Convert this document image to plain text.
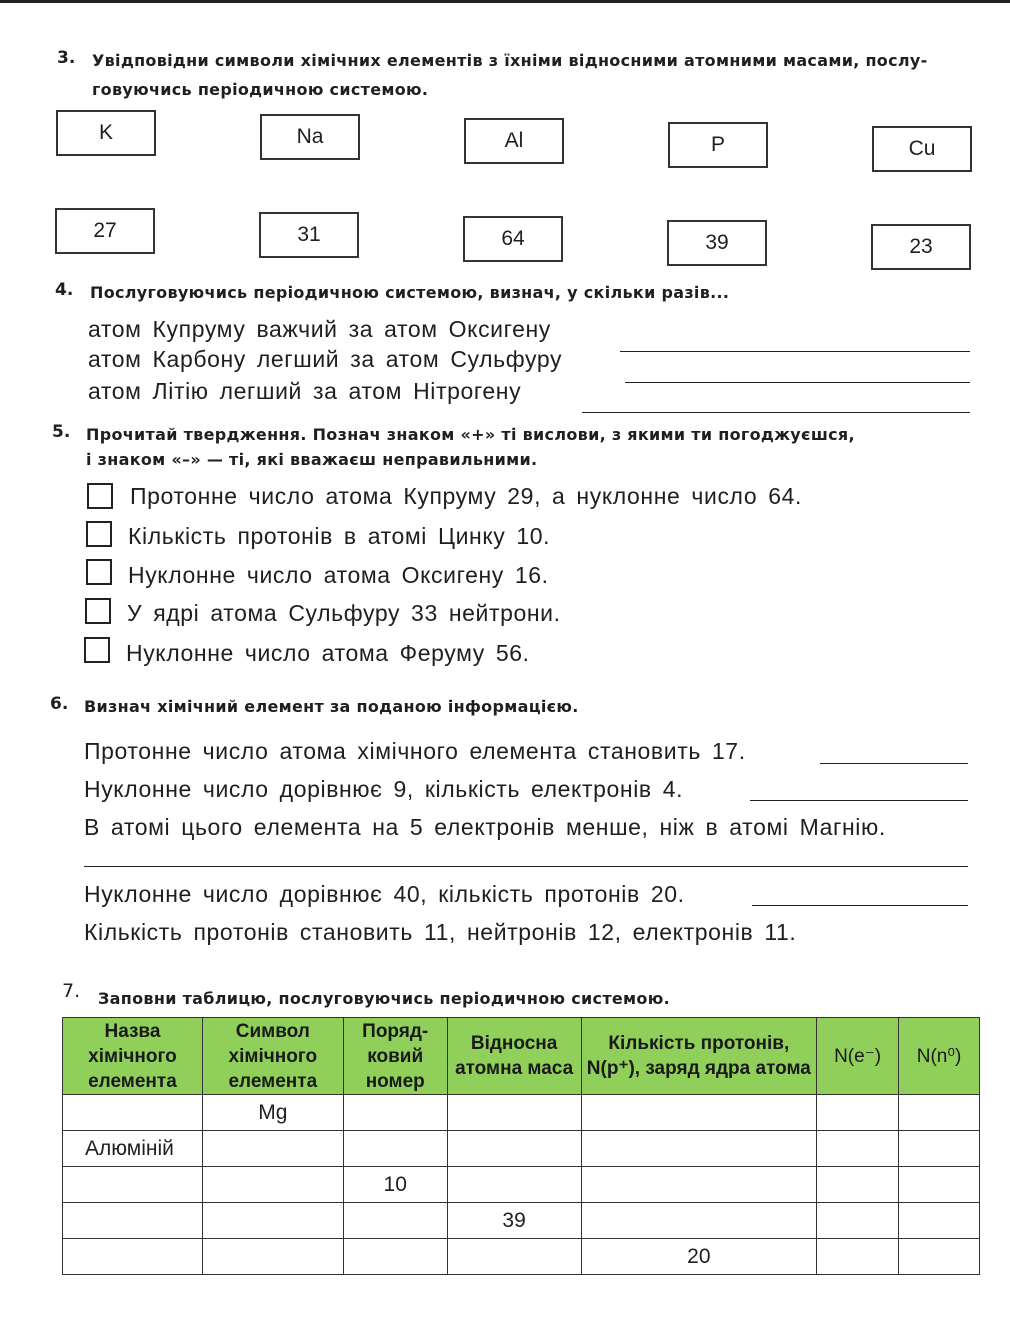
3. Увідповідни символи хімічних елементів з їхніми відносними атомними масами, послу-
говуючись періодичною системою.
K	Na	Al	P	Cu
27	31	64	39	23
4. Послуговуючись періодичною системою, визнач, у скільки разів...
атом Купруму важчий за атом Оксигену
атом Карбону легший за атом Сульфуру
атом Літію легший за атом Нітрогену
5. Прочитай твердження. Познач знаком «+» ті вислови, з якими ти погоджуєшся,
і знаком «–» — ті, які вважаєш неправильними.
Протонне число атома Купруму 29, а нуклонне число 64.
Кількість протонів в атомі Цинку 10.
Нуклонне число атома Оксигену 16.
У ядрі атома Сульфуру 33 нейтрони.
Нуклонне число атома Феруму 56.
6. Визнач хімічний елемент за поданою інформацією.
Протонне число атома хімічного елемента становить 17.
Нуклонне число дорівнює 9, кількість електронів 4.
В атомі цього елемента на 5 електронів менше, ніж в атомі Магнію.
Нуклонне число дорівнює 40, кількість протонів 20.
Кількість протонів становить 11, нейтронів 12, електронів 11.
7. Заповни таблицю, послуговуючись періодичною системою.
Назва хімічного елемента	Символ хімічного елемента	Поряд-ковий номер	Відносна атомна маса	Кількість протонів, N(p⁺), заряд ядра атома	N(e⁻)	N(n⁰)
	Mg					
Алюміній						
		10				
			39			
				20		
